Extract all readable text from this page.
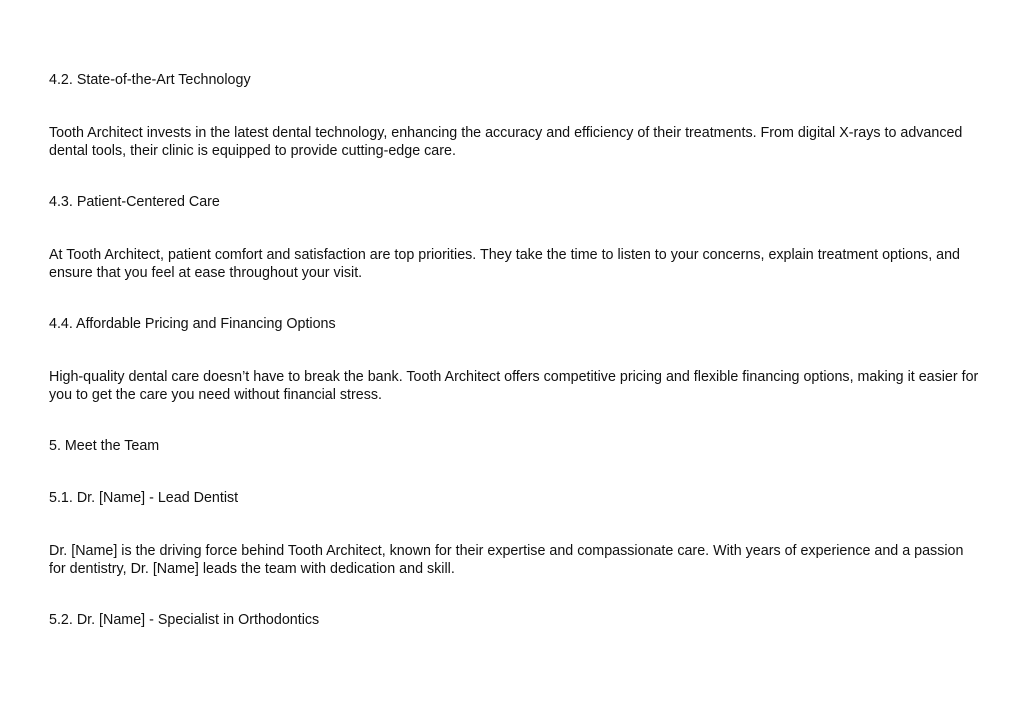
4.2. State-of-the-Art Technology

Tooth Architect invests in the latest dental technology, enhancing the accuracy and efficiency of their treatments. From digital X-rays to advanced dental tools, their clinic is equipped to provide cutting-edge care.

4.3. Patient-Centered Care

At Tooth Architect, patient comfort and satisfaction are top priorities. They take the time to listen to your concerns, explain treatment options, and ensure that you feel at ease throughout your visit.

4.4. Affordable Pricing and Financing Options

High-quality dental care doesn’t have to break the bank. Tooth Architect offers competitive pricing and flexible financing options, making it easier for you to get the care you need without financial stress.

5. Meet the Team
5.1. Dr. [Name] - Lead Dentist

Dr. [Name] is the driving force behind Tooth Architect, known for their expertise and compassionate care. With years of experience and a passion for dentistry, Dr. [Name] leads the team with dedication and skill.

5.2. Dr. [Name] - Specialist in Orthodontics
